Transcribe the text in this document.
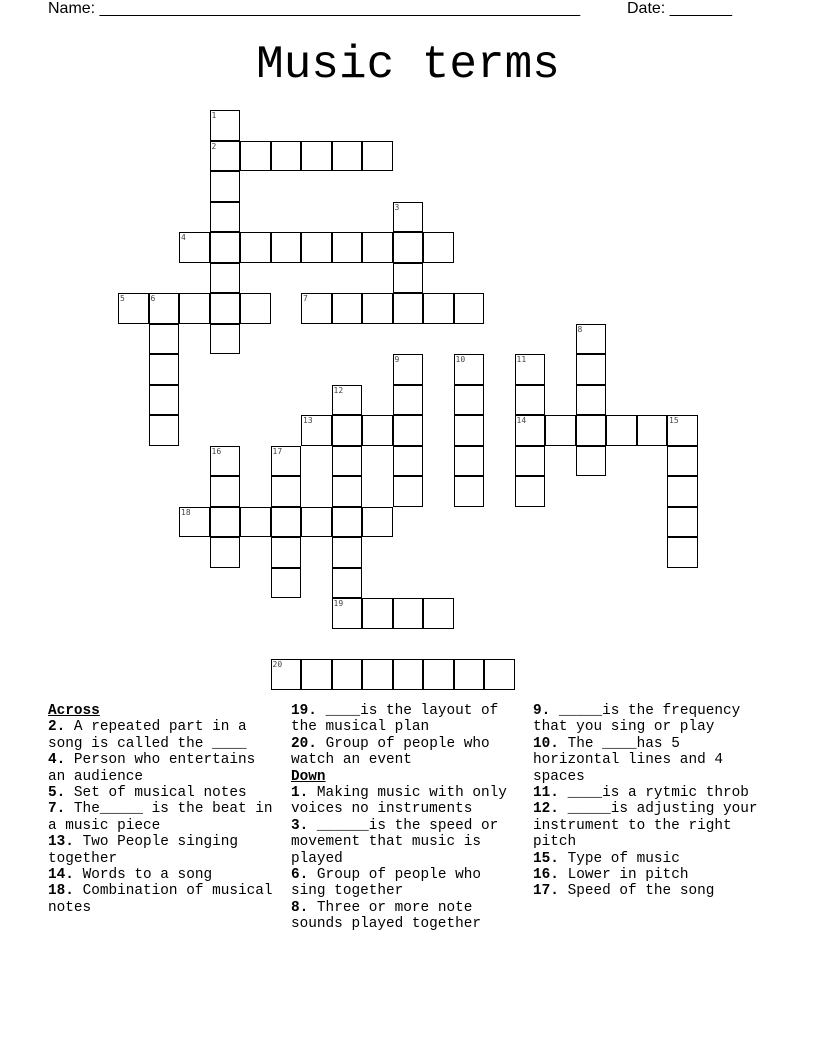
Name: ______________________________________________________	Date: _______
Music terms
2
4
5	6	7
13	14	15
18
19
20
1
3
8
9	10	11
12
16	17
Across
2. A repeated part in a song is called the ____
4. Person who entertains an audience
5. Set of musical notes
7. The_____ is the beat in a music piece
13. Two People singing together
14. Words to a song
18. Combination of musical notes
19. ____is the layout of the musical plan
20. Group of people who watch an event
Down
1. Making music with only voices no instruments
3. ______is the speed or movement that music is played
6. Group of people who sing together
8. Three or more note sounds played together
9. _____is the frequency that you sing or play
10. The ____has 5 horizontal lines and 4 spaces
11. ____is a rytmic throb
12. _____is adjusting your instrument to the right pitch
15. Type of music
16. Lower in pitch
17. Speed of the song
